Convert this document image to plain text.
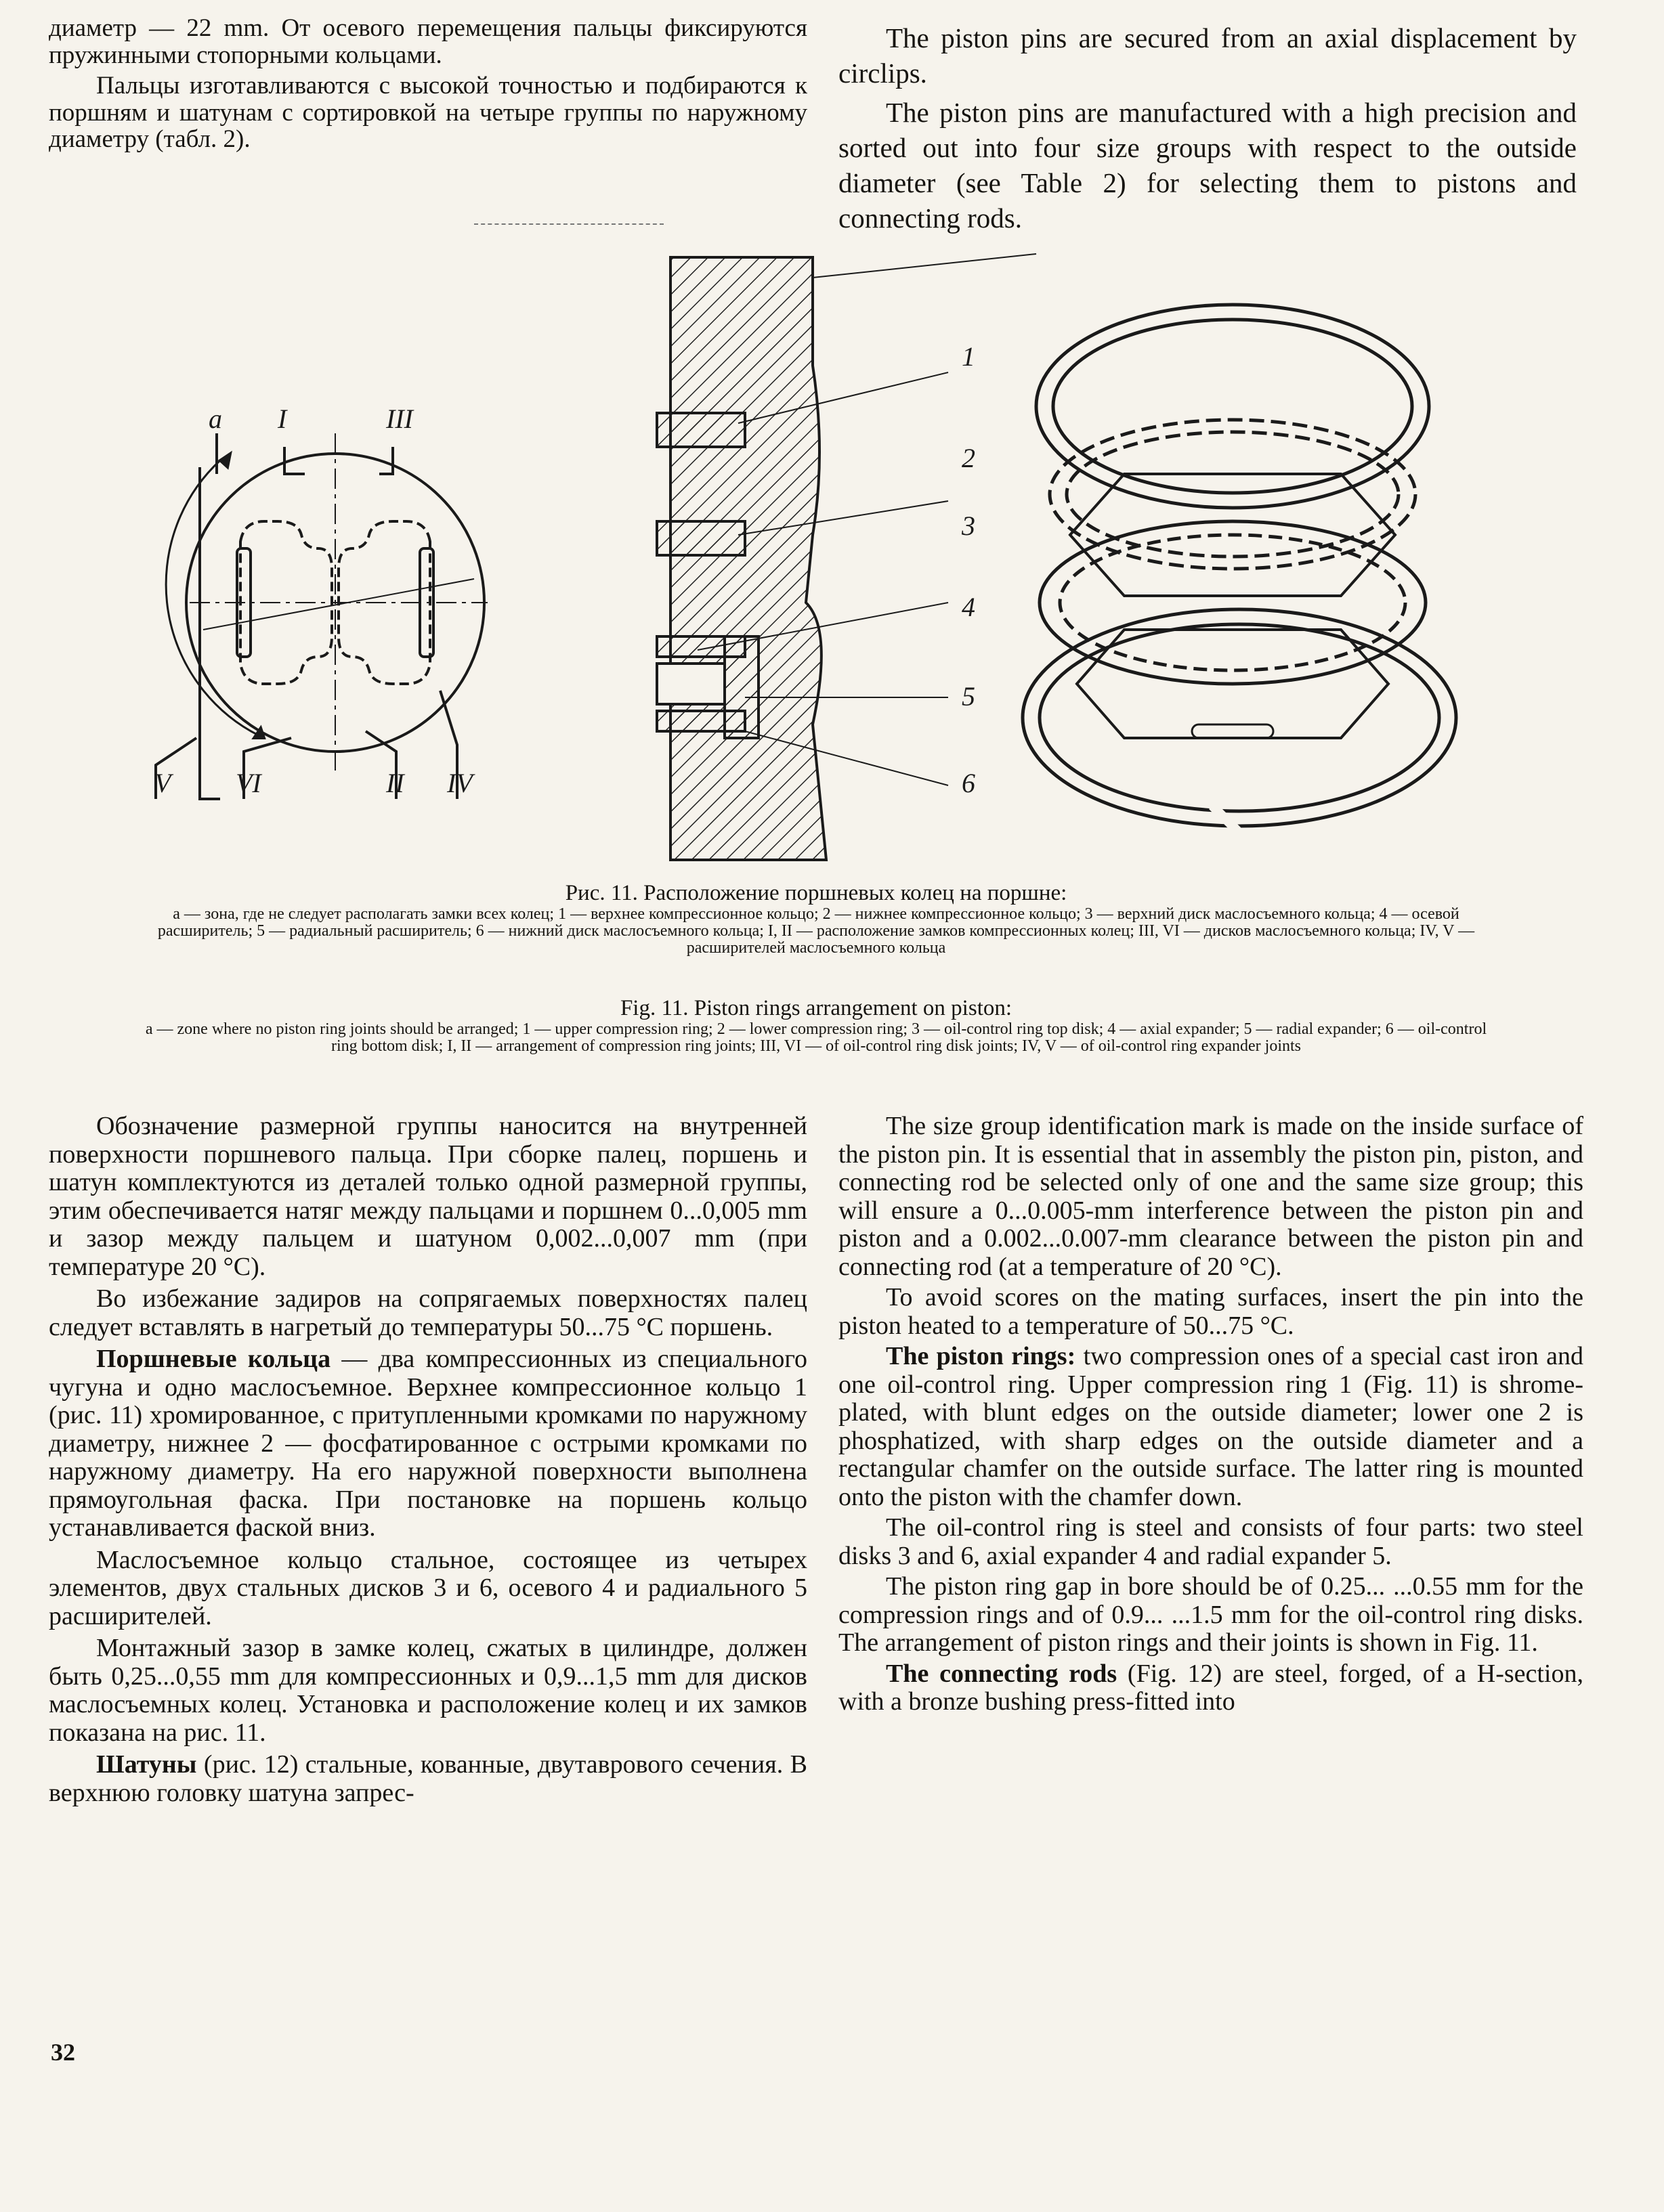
диаметр — 22 mm. От осевого перемещения пальцы фиксируются пружинными стопорными кольцами.

Пальцы изготавливаются с высокой точностью и подбираются к поршням и шатунам с сортировкой на четыре группы по наружному диаметру (табл. 2).

The piston pins are secured from an axial displacement by circlips.

The piston pins are manufactured with a high precision and sorted out into four size groups with respect to the outside diameter (see Table 2) for selecting them to pistons and connecting rods.

a I	III
V VI	II IV
1
2
3
4
5
6
Рис. 11. Расположение поршневых колец на поршне:
а — зона, где не следует располагать замки всех колец; 1 — верхнее компрессионное кольцо; 2 — нижнее компрессионное кольцо; 3 — верхний диск маслосъемного кольца; 4 — осевой расширитель; 5 — радиальный расширитель; 6 — нижний диск маслосъемного кольца; I, II — расположение замков компрессионных колец; III, VI — дисков маслосъемного кольца; IV, V — расширителей маслосъемного кольца
Fig. 11. Piston rings arrangement on piston:
a — zone where no piston ring joints should be arranged; 1 — upper compression ring; 2 — lower compression ring; 3 — oil-control ring top disk; 4 — axial expander; 5 — radial expander; 6 — oil-control ring bottom disk; I, II — arrangement of compression ring joints; III, VI — of oil-control ring disk joints; IV, V — of oil-control ring expander joints

Обозначение размерной группы наносится на внутренней поверхности поршневого пальца. При сборке палец, поршень и шатун комплектуются из деталей только одной размерной группы, этим обеспечивается натяг между пальцами и поршнем 0...0,005 mm и зазор между пальцем и шатуном 0,002...0,007 mm (при температуре 20 °С).

Во избежание задиров на сопрягаемых поверхностях палец следует вставлять в нагретый до температуры 50...75 °С поршень.

Поршневые кольца — два компрессионных из специального чугуна и одно маслосъемное. Верхнее компрессионное кольцо 1 (рис. 11) хромированное, с притупленными кромками по наружному диаметру, нижнее 2 — фосфатированное с острыми кромками по наружному диаметру. На его наружной поверхности выполнена прямоугольная фаска. При постановке на поршень кольцо устанавливается фаской вниз.

Маслосъемное кольцо стальное, состоящее из четырех элементов, двух стальных дисков 3 и 6, осевого 4 и радиального 5 расширителей.

Монтажный зазор в замке колец, сжатых в цилиндре, должен быть 0,25...0,55 mm для компрессионных и 0,9...1,5 mm для дисков маслосъемных колец. Установка и расположение колец и их замков показана на рис. 11.

Шатуны (рис. 12) стальные, кованные, двутаврового сечения. В верхнюю головку шатуна запрес-

The size group identification mark is made on the inside surface of the piston pin. It is essential that in assembly the piston pin, piston, and connecting rod be selected only of one and the same size group; this will ensure a 0...0.005-mm interference between the piston pin and piston and a 0.002...0.007-mm clearance between the piston pin and connecting rod (at a temperature of 20 °C).

To avoid scores on the mating surfaces, insert the pin into the piston heated to a temperature of 50...75 °C.

The piston rings: two compression ones of a special cast iron and one oil-control ring. Upper compression ring 1 (Fig. 11) is shrome-plated, with blunt edges on the outside diameter; lower one 2 is phosphatized, with sharp edges on the outside diameter and a rectangular chamfer on the outside surface. The latter ring is mounted onto the piston with the chamfer down.

The oil-control ring is steel and consists of four parts: two steel disks 3 and 6, axial expander 4 and radial expander 5.

The piston ring gap in bore should be of 0.25... ...0.55 mm for the compression rings and of 0.9... ...1.5 mm for the oil-control ring disks. The arrangement of piston rings and their joints is shown in Fig. 11.

The connecting rods (Fig. 12) are steel, forged, of a H-section, with a bronze bushing press-fitted into

32
